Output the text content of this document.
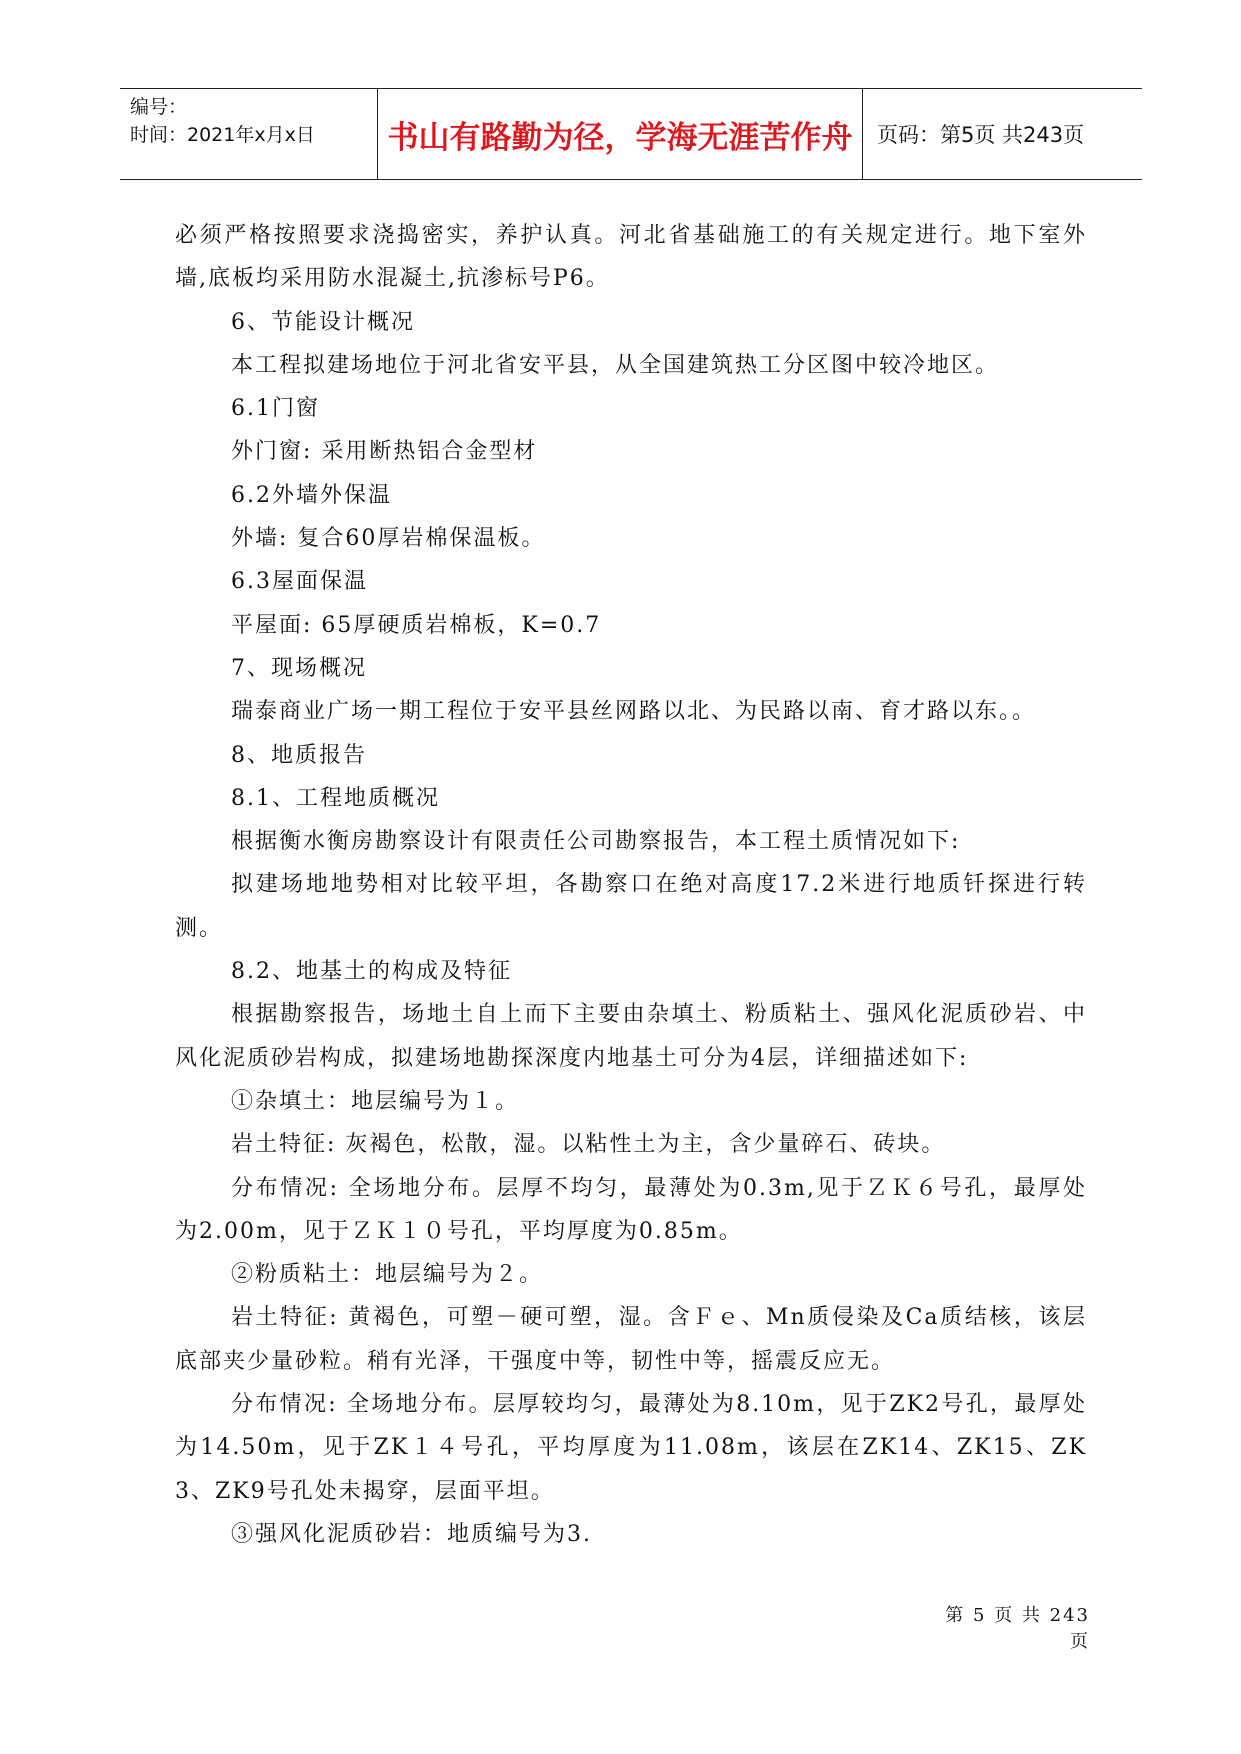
编号：
时间：2021年x月x日	书山有路勤为径，学海无涯苦作舟	页码：第5页 共243页

必须严格按照要求浇捣密实，养护认真。河北省基础施工的有关规定进行。地下室外墙,底板均采用防水混凝土,抗渗标号P6。

6、节能设计概况

本工程拟建场地位于河北省安平县，从全国建筑热工分区图中较冷地区。

6.1门窗

外门窗: 采用断热铝合金型材

6.2外墙外保温

外墙: 复合60厚岩棉保温板。

6.3屋面保温

平屋面: 65厚硬质岩棉板，K=0.7

7、现场概况

瑞泰商业广场一期工程位于安平县丝网路以北、为民路以南、育才路以东。。

8、地质报告

8.1、工程地质概况

根据衡水衡房勘察设计有限责任公司勘察报告，本工程土质情况如下:

拟建场地地势相对比较平坦，各勘察口在绝对高度17.2米进行地质钎探进行转测。

8.2、地基土的构成及特征

根据勘察报告，场地土自上而下主要由杂填土、粉质粘土、强风化泥质砂岩、中风化泥质砂岩构成，拟建场地勘探深度内地基土可分为4层，详细描述如下:

①杂填土：地层编号为１。

岩土特征: 灰褐色，松散，湿。以粘性土为主，含少量碎石、砖块。

分布情况: 全场地分布。层厚不均匀，最薄处为0.3m,见于ＺＫ６号孔，最厚处为2.00m，见于ＺＫ１０号孔，平均厚度为0.85m。

②粉质粘土：地层编号为２。

岩土特征: 黄褐色，可塑－硬可塑，湿。含Ｆｅ、Mn质侵染及Ca质结核，该层底部夹少量砂粒。稍有光泽，干强度中等，韧性中等，摇震反应无。

分布情况: 全场地分布。层厚较均匀，最薄处为8.10m，见于ZK2号孔，最厚处为14.50m，见于ZK１４号孔，平均厚度为11.08m，该层在ZK14、ZK15、ZK3、ZK9号孔处未揭穿，层面平坦。

③强风化泥质砂岩：地质编号为3.

第 5 页 共 243 页
